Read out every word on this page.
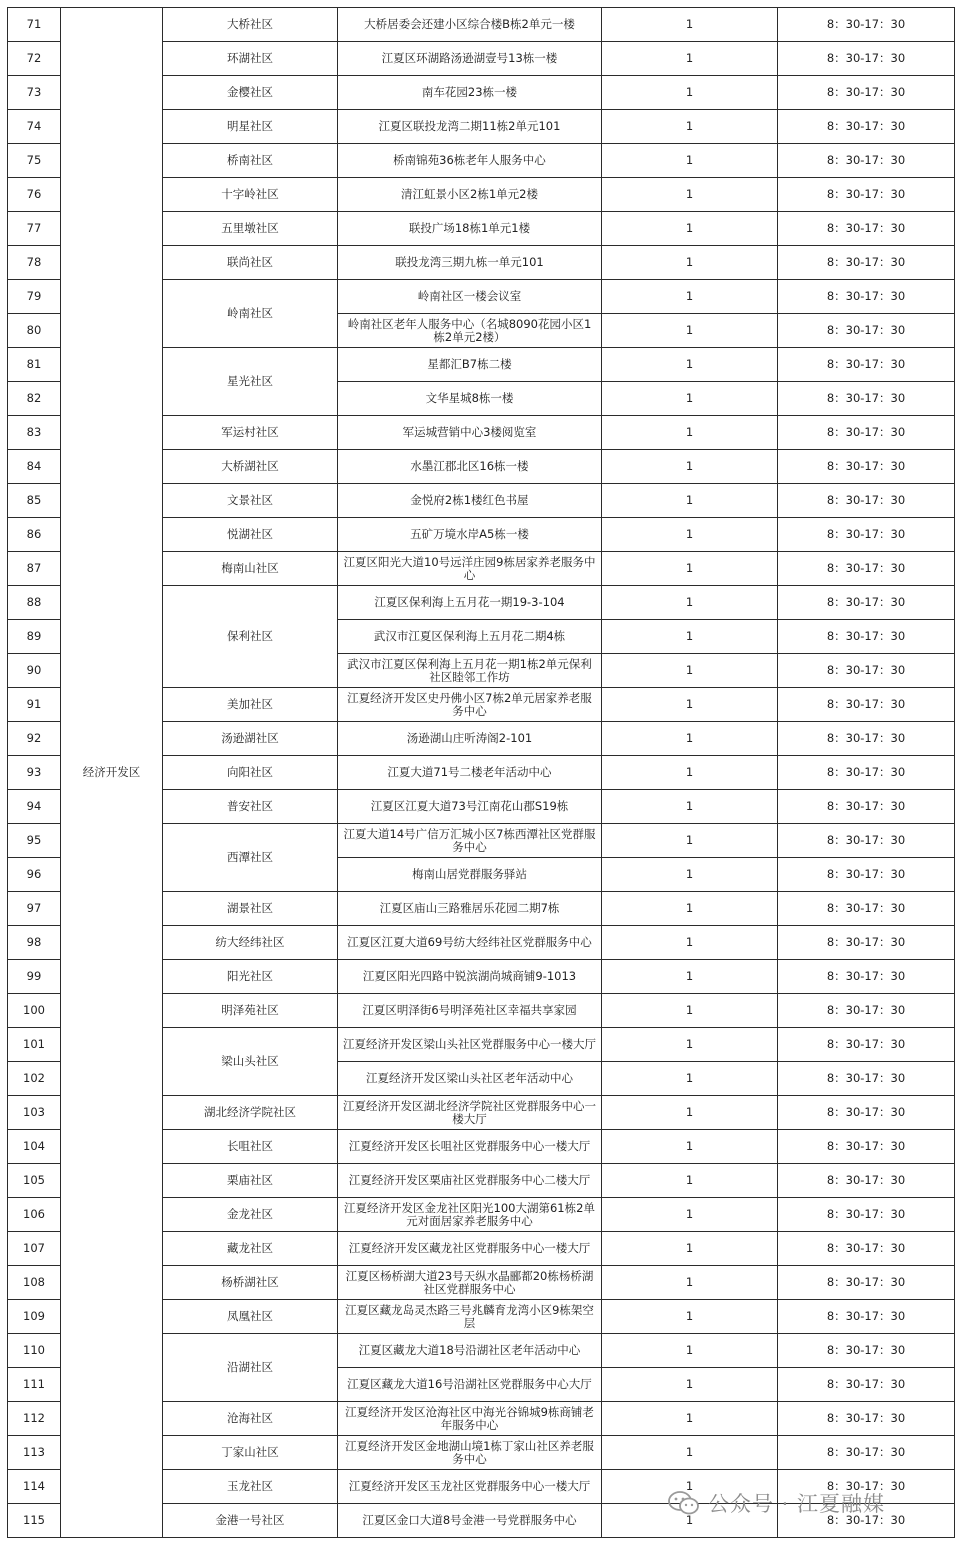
71	经济开发区	大桥社区	大桥居委会还建小区综合楼B栋2单元一楼	1	8：30-17：30
72		环湖社区	江夏区环湖路汤逊湖壹号13栋一楼	1	8：30-17：30
73		金樱社区	南车花园23栋一楼	1	8：30-17：30
74		明星社区	江夏区联投龙湾二期11栋2单元101	1	8：30-17：30
75		桥南社区	桥南锦苑36栋老年人服务中心	1	8：30-17：30
76		十字岭社区	清江虹景小区2栋1单元2楼	1	8：30-17：30
77		五里墩社区	联投广场18栋1单元1楼	1	8：30-17：30
78		联尚社区	联投龙湾三期九栋一单元101	1	8：30-17：30
79		岭南社区	岭南社区一楼会议室	1	8：30-17：30
80			岭南社区老年人服务中心（名城8090花园小区1栋2单元2楼）	1	8：30-17：30
81		星光社区	星都汇B7栋二楼	1	8：30-17：30
82			文华星城8栋一楼	1	8：30-17：30
83		军运村社区	军运城营销中心3楼阅览室	1	8：30-17：30
84		大桥湖社区	水墨江郡北区16栋一楼	1	8：30-17：30
85		文景社区	金悦府2栋1楼红色书屋	1	8：30-17：30
86		悦湖社区	五矿万境水岸A5栋一楼	1	8：30-17：30
87		梅南山社区	江夏区阳光大道10号远洋庄园9栋居家养老服务中心	1	8：30-17：30
88		保利社区	江夏区保利海上五月花一期19-3-104	1	8：30-17：30
89			武汉市江夏区保利海上五月花二期4栋	1	8：30-17：30
90			武汉市江夏区保利海上五月花一期1栋2单元保利社区睦邻工作坊	1	8：30-17：30
91		美加社区	江夏经济开发区史丹佛小区7栋2单元居家养老服务中心	1	8：30-17：30
92		汤逊湖社区	汤逊湖山庄听涛阁2-101	1	8：30-17：30
93		向阳社区	江夏大道71号二楼老年活动中心	1	8：30-17：30
94		普安社区	江夏区江夏大道73号江南花山郡S19栋	1	8：30-17：30
95		西潭社区	江夏大道14号广信万汇城小区7栋西潭社区党群服务中心	1	8：30-17：30
96			梅南山居党群服务驿站	1	8：30-17：30
97		湖景社区	江夏区庙山三路雅居乐花园二期7栋	1	8：30-17：30
98		纺大经纬社区	江夏区江夏大道69号纺大经纬社区党群服务中心	1	8：30-17：30
99		阳光社区	江夏区阳光四路中锐滨湖尚城商铺9-1013	1	8：30-17：30
100		明泽苑社区	江夏区明泽街6号明泽苑社区幸福共享家园	1	8：30-17：30
101		梁山头社区	江夏经济开发区梁山头社区党群服务中心一楼大厅	1	8：30-17：30
102			江夏经济开发区梁山头社区老年活动中心	1	8：30-17：30
103		湖北经济学院社区	江夏经济开发区湖北经济学院社区党群服务中心一楼大厅	1	8：30-17：30
104		长咀社区	江夏经济开发区长咀社区党群服务中心一楼大厅	1	8：30-17：30
105		栗庙社区	江夏经济开发区栗庙社区党群服务中心二楼大厅	1	8：30-17：30
106		金龙社区	江夏经济开发区金龙社区阳光100大湖第61栋2单元对面居家养老服务中心	1	8：30-17：30
107		藏龙社区	江夏经济开发区藏龙社区党群服务中心一楼大厅	1	8：30-17：30
108		杨桥湖社区	江夏区杨桥湖大道23号天纵水晶郦都20栋杨桥湖社区党群服务中心	1	8：30-17：30
109		凤凰社区	江夏区藏龙岛灵杰路三号兆麟育龙湾小区9栋架空层	1	8：30-17：30
110		沿湖社区	江夏区藏龙大道18号沿湖社区老年活动中心	1	8：30-17：30
111			江夏区藏龙大道16号沿湖社区党群服务中心大厅	1	8：30-17：30
112		沧海社区	江夏经济开发区沧海社区中海光谷锦城9栋商铺老年服务中心	1	8：30-17：30
113		丁家山社区	江夏经济开发区金地湖山境1栋丁家山社区养老服务中心	1	8：30-17：30
114		玉龙社区	江夏经济开发区玉龙社区党群服务中心一楼大厅	1	8：30-17：30
115		金港一号社区	江夏区金口大道8号金港一号党群服务中心	1	8：30-17：30
公众号 · 江夏融媒
